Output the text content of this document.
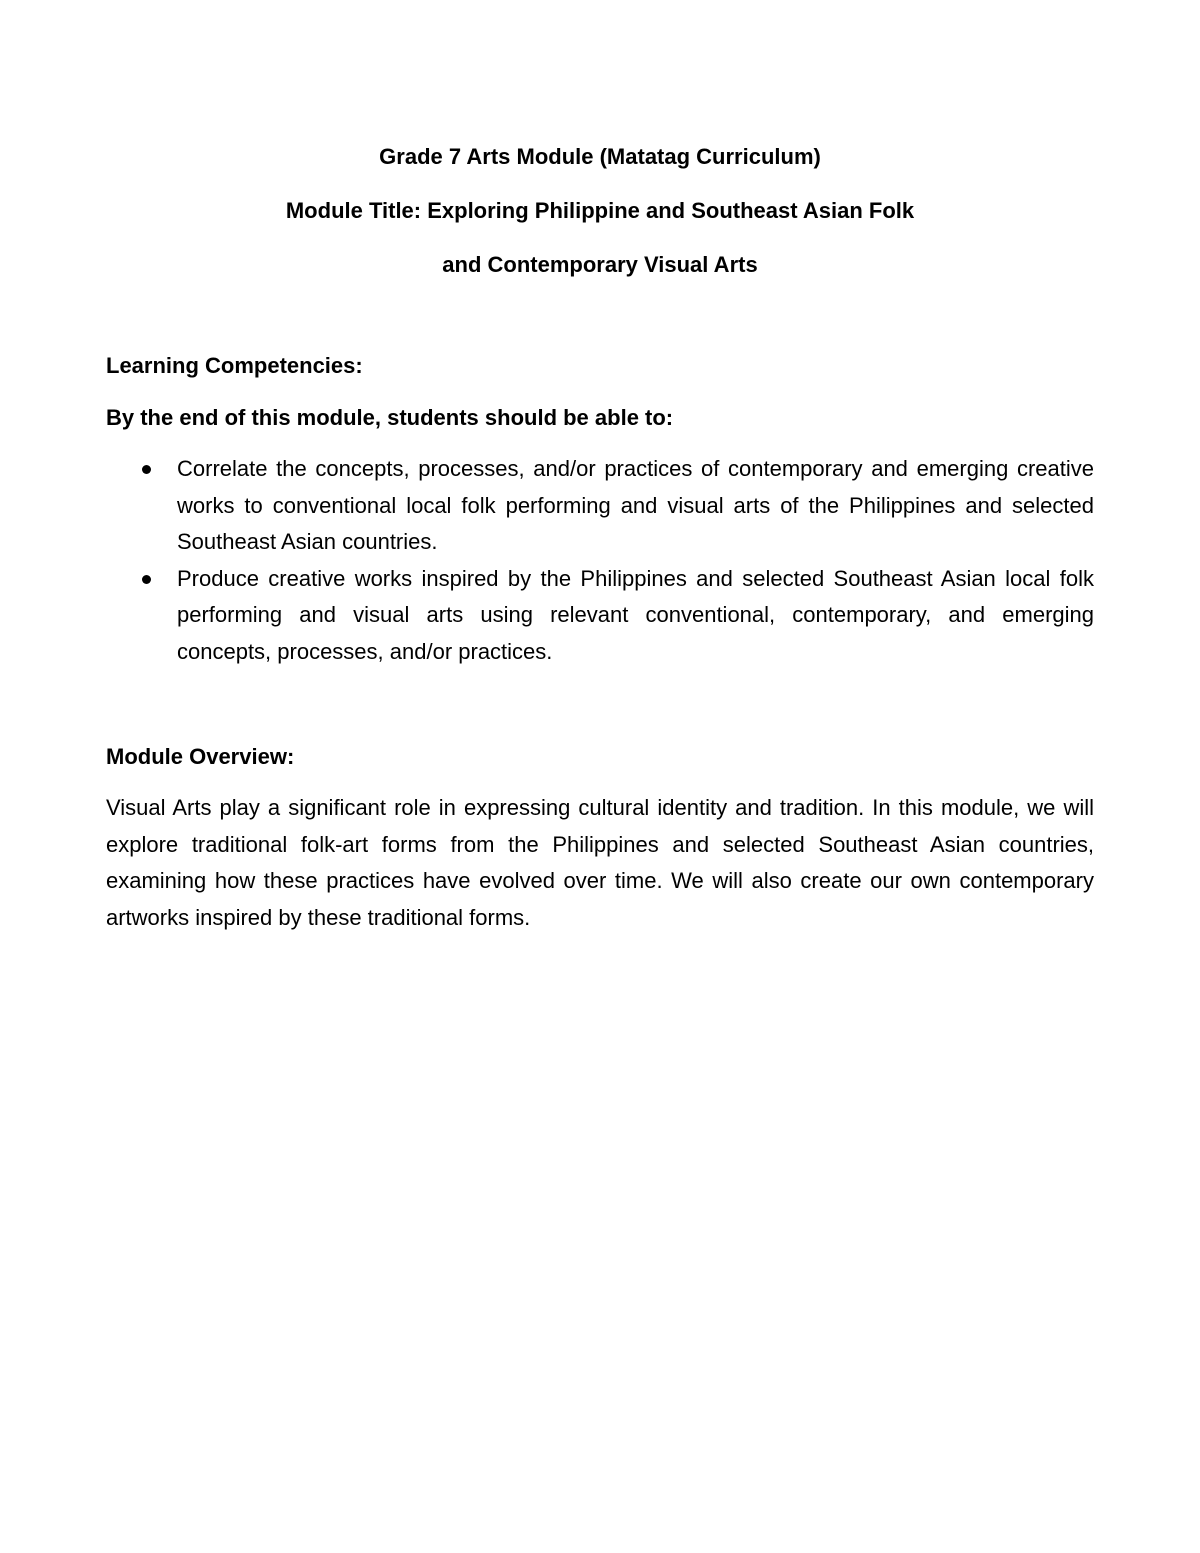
Grade 7 Arts Module (Matatag Curriculum)

Module Title: Exploring Philippine and Southeast Asian Folk

and Contemporary Visual Arts

Learning Competencies:

By the end of this module, students should be able to:

Correlate the concepts, processes, and/or practices of contemporary and emerging creative works to conventional local folk performing and visual arts of the Philippines and selected Southeast Asian countries.
Produce creative works inspired by the Philippines and selected Southeast Asian local folk performing and visual arts using relevant conventional, contemporary, and emerging concepts, processes, and/or practices.

Module Overview:

Visual Arts play a significant role in expressing cultural identity and tradition. In this module, we will explore traditional folk-art forms from the Philippines and selected Southeast Asian countries, examining how these practices have evolved over time. We will also create our own contemporary artworks inspired by these traditional forms.
